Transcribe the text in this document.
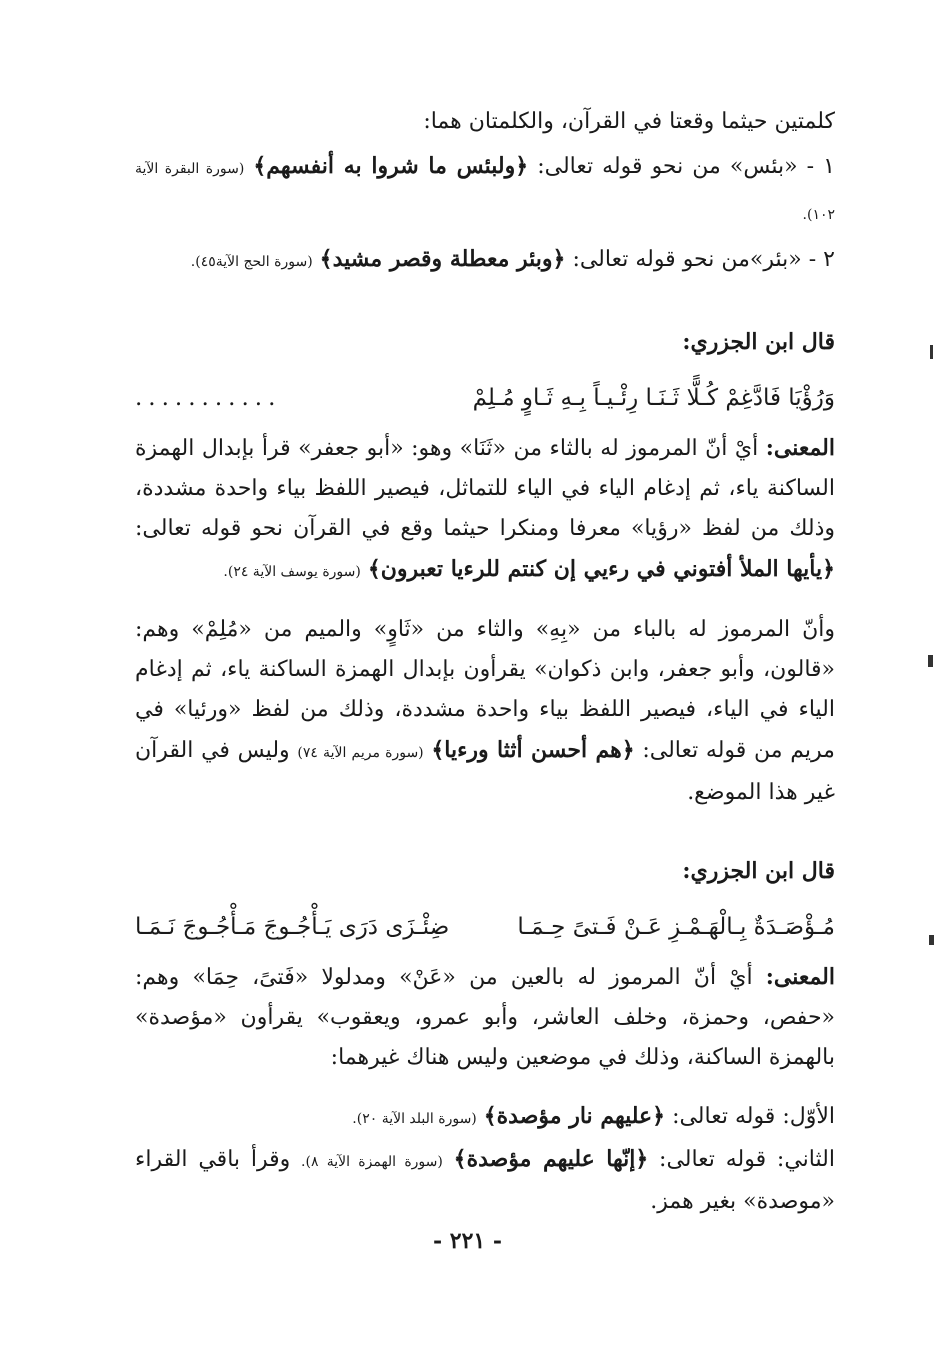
كلمتين حيثما وقعتا في القرآن، والكلمتان هما:

١ - «بئس» من نحو قوله تعالى: ﴿ولبئس ما شروا به أنفسهم﴾ (سورة البقرة الآية ١٠٢).

٢ - «بئر»من نحو قوله تعالى: ﴿وبئر معطلة وقصر مشيد﴾ (سورة الحج الآية٤٥).

قال ابن الجزري:
وَرُؤْيَا فَادَّغِمْ كُـلًّا ثَـنَـا رِئْـيـاً بِـهِ ثَـاوٍ مُـلِمْ
...........

المعنى: أيْ أنّ المرموز له بالثاء من «ثَنَا» وهو: «أبو جعفر» قرأ بإبدال الهمزة الساكنة ياء، ثم إدغام الياء في الياء للتماثل، فيصير اللفظ بياء واحدة مشددة، وذلك من لفظ «رؤيا» معرفا ومنكرا حيثما وقع في القرآن نحو قوله تعالى: ﴿يأيها الملأ أفتوني في رءيي إن كنتم للرءيا تعبرون﴾ (سورة يوسف الآية ٢٤).

وأنّ المرموز له بالباء من «بِهِ» والثاء من «ثَاوٍ» والميم من «مُلِمْ» وهم: «قالون، وأبو جعفر، وابن ذكوان» يقرأون بإبدال الهمزة الساكنة ياء، ثم إدغام الياء في الياء، فيصير اللفظ بياء واحدة مشددة، وذلك من لفظ «ورئيا» في مريم من قوله تعالى: ﴿هم أحسن أثثا ورءيا﴾ (سورة مريم الآية ٧٤) وليس في القرآن غير هذا الموضع.

قال ابن الجزري:
مُـؤْصَـدَةٌ بِـالْهَـمْـزِ عَـنْ فَـتىً حِـمَـا
ضِئْـزَى دَرَى يَـأْجُـوجَ مَـأْجُـوجَ نَـمَـا

المعنى: أيْ أنّ المرموز له بالعين من «عَنْ» ومدلولا «فَتىً، حِمَا» وهم: «حفص، وحمزة، وخلف العاشر، وأبو عمرو، ويعقوب» يقرأون «مؤصدة» بالهمزة الساكنة، وذلك في موضعين وليس هناك غيرهما:

الأوّل: قوله تعالى: ﴿عليهم نار مؤصدة﴾ (سورة البلد الآية ٢٠).

الثاني: قوله تعالى: ﴿إنّها عليهم مؤصدة﴾ (سورة الهمزة الآية ٨). وقرأ باقي القراء «موصدة» بغير همز.

- ٢٢١ -
